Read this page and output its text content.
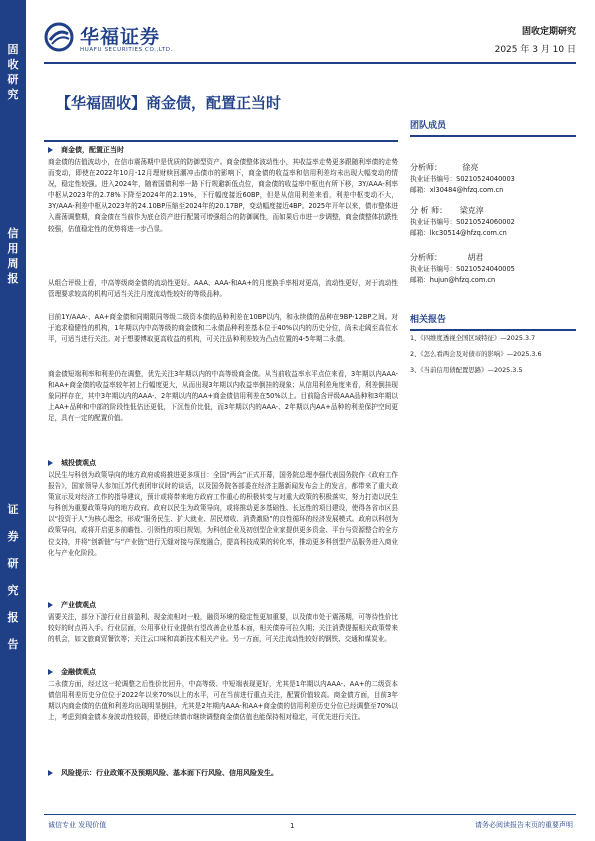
固
收
研
究
信
用
周
报
证
券
研
究
报
告
华福证券
HUAFU SECURITIES CO.,LTD.
固收定期研究
2025 年 3 月 10 日
【华福固收】商金债，配置正当时
商金债，配置正当时
商金债的估值波动小，在信市震荡期中是优质的防御型资产。商金债整体波动性小，其收益率走势更多跟随利率债的走势而变动，即使在2022年10月-12月理财赎回潮冲击债市的影响下，商金债的收益率和信用利差均未出现大幅变动的情况，稳定性较强。进入2024年，随着国债利率一路下行规避新低点位，商金债的收益率中枢也有所下移，3Y/AAA-利率中枢从2023年的2.78%下降至2024年的2.19%，下行幅度接近60BP，但是从信用利差来看，利差中枢变动不大，3Y/AAA-利差中枢从2023年的24.10BP压缩至2024年的20.17BP，变动幅度接近4BP。2025年开年以来，债市整体进入震荡调整期，商金债在当前作为底仓资产进行配置可增强组合的防御属性，而如果后市进一步调整，商金债整体抗跌性较强，估值稳定性的优势将进一步凸显。
从组合评级上看，中高等级商金债的流动性更好。AAA、AAA-和AA+的月度换手率相对更高，流动性更好，对于流动性管理要求较高的机构可适当关注月度流动性较好的等级品种。
目前1Y/AAA-、AA+商金债和同期限同等级二级资本债的品种利差在10BP以内，和永续债的品种在9BP-12BP之间。对于追求稳健性的机构，1年期以内中高等级的商金债和二永债品种利差基本位于40%以内的历史分位，尚未走阔至高位水平，可适当进行关注。对于想要博取更高收益的机构，可关注品种利差较为凸点位置的4-5年期二永债。
商金债短端利率和利差仍在调整，优先关注3年期以内的中高等级商金债。从当前收益率水平点位来看，3年期以内AAA-和AA+商金债的收益率较年初上行幅度更大，从而出现3年期以内收益率倒挂的现象；从信用利差角度来看，利差倒挂现象同样存在，其中3年期以内的AAA-、2年期以内的AA+商金债信用利差在50%以上。目前隐含评级AAA品种和3年期以上AA+品种和中部的阶段性低估还更低，下沉性价比低，而3年期以内的AAA-、2年期以内AA+品种的利差保护空间更足，具有一定的配置价值。
城投债观点
以民生与科创为政策导向的地方政府或将推进更多项目：全国“两会”正式开幕，国务院总理李强代表国务院作《政府工作报告》，国家领导人参加江苏代表团审议时的谈话，以及国务院各部委在经济主题新闻发布会上的发言，都带来了重大政策宣示及对经济工作的指导建议，预计或将带来地方政府工作重心的积极转变与对重大政策的积极落实，努力打造以民生与科创为重要政策导向的地方政府。政府以民生为政策导向，或将推动更多基础性、长远性的项目建设，使得各省市区县以“投资于人”为核心理念，形成“服务民生、扩大就业、居民增收、消费激励”的良性循环的经济发展模式。政府以科创为政策导向，或将开启更多前瞻性、引领性的项目规划，为科创企业及初创型企业家提供更多资金、平台与资源整合的全方位支持，并将“创新链”与“产业链”进行无缝对接与深度融合，提高科技成果的转化率，推动更多科创型产品服务进入商业化与产业化阶段。
产业债观点
需要关注，部分下游行业目前盈利、现金流相对一般，融资环境的稳定性更加重要，以及债市处于震荡期，可等待性价比较好的时点再入手。行业层面，公用事业行业提供有望改善企业基本面，相关债券可拉久期；关注消费提振相关政策带来的机会，如文旅商贸餐饮等；关注云口味和高新技术相关产业。另一方面，可关注流动性较好的钢铁、交通和煤炭业。
金融债观点
二永债方面，经过这一轮调整之后性价比回升，中高等级、中短端表现更好，尤其是1年期以内AAA-、AA+的二级资本债信用利差历史分位位于2022年以来70%以上的水平，可在当前进行重点关注，配置价值较高。商金债方面，目前3年期以内商金债的估值和利差均出现明显倒挂，尤其是2年期内AAA-和AA+商金债的信用利差历史分位已经调整至70%以上，考虑到商金债本身波动性较弱，即使后续债市继续调整商金债估值也能保持相对稳定，可优先进行关注。
风险提示：行业政策不及预期风险、基本面下行风险、信用风险发生。
团队成员
分析师：	徐亮
执业证书编号：S0210524040003
邮箱：xl30484@hfzq.com.cn
分 析 师： 梁克淳
执业证书编号：S0210524060002
邮箱：lkc30514@hfzq.com.cn
分析师：	胡君
执业证书编号：S0210524040005
邮箱：hujun@hfzq.com.cn
相关报告
1、《四维度透视全国区域特征》—2025.3.7
2、《怎么看两会及对债市的影响》—2025.3.6
3、《当前信用债配置思路》—2025.3.5
诚信专业 发现价值	1	请务必阅读报告末页的重要声明
